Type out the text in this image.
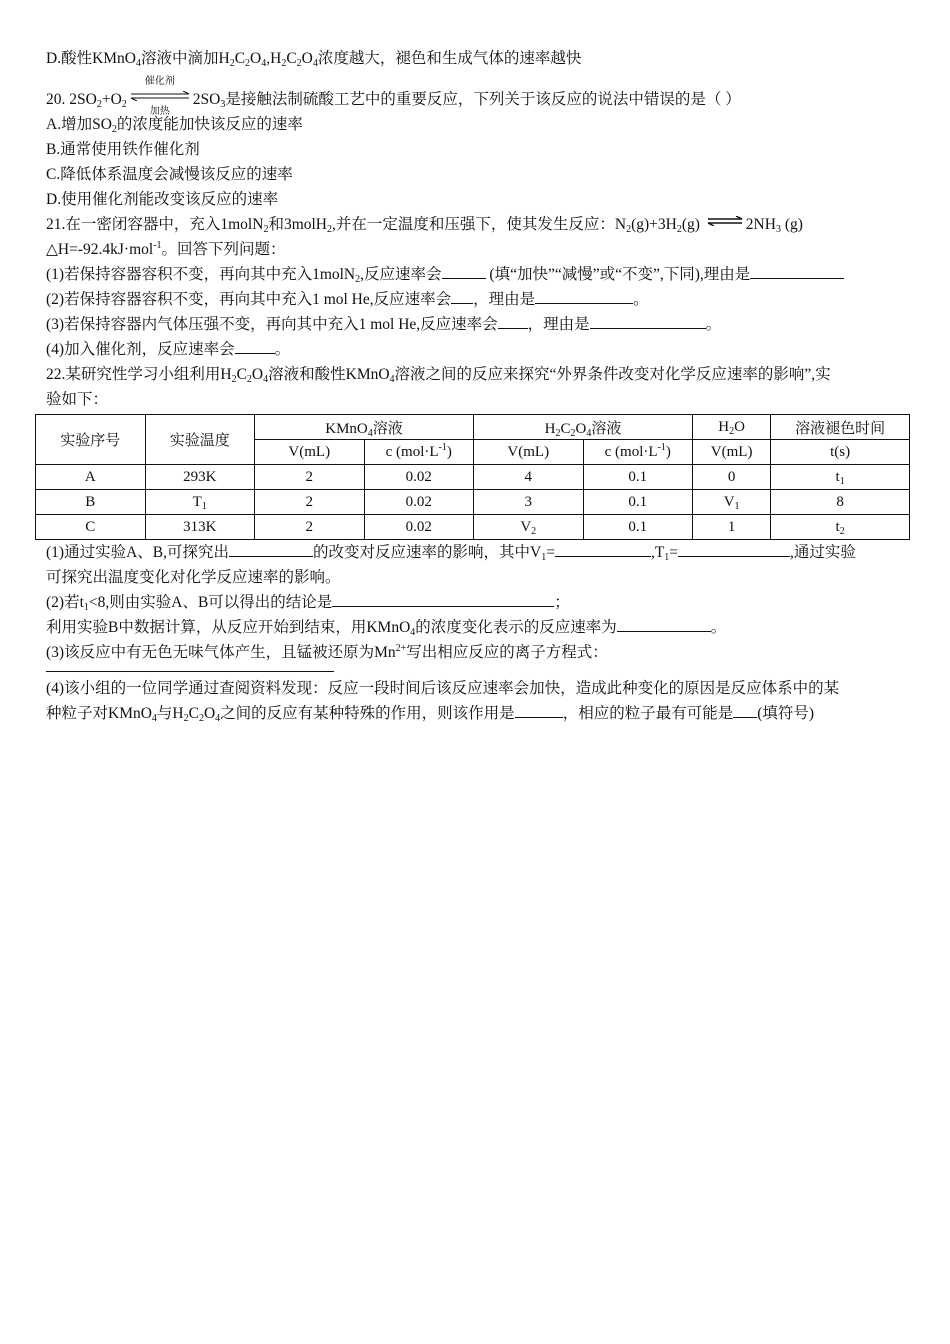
D.酸性KMnO$_4$溶液中滴加$H_2C_2O_4,H_2C_2O_4$浓度越大，褪色和生成气体的速率越快
20. $2SO_2+O_2$
催化剂
加热
$2SO_3$是接触法制硫酸工艺中的重要反应，下列关于该反应的说法中错误的是（ ）
A.增加$SO_2$的浓度能加快该反应的速率
B.通常使用铁作催化剂
C.降低体系温度会减慢该反应的速率
D.使用催化剂能改变该反应的速率
21.在一密闭容器中，充入1molN$_2$和3molH$_2$,并在一定温度和压强下，使其发生反应：$N_2(g)+3H_2(g)$ ⇌ $2NH_3$ (g)
△H=-92.4kJ·mol$^{-1}$。回答下列问题：
(1)若保持容器容积不变，再向其中充入1molN$_2$,反应速率会	(填“加快”“减慢”或“不变”,下同),理由是
(2)若保持容器容积不变，再向其中充入1 mol He,反应速率会 ，理由是	。
(3)若保持容器内气体压强不变，再向其中充入1 mol He,反应速率会 ，理由是	。
(4)加入催化剂，反应速率会	。
22.某研究性学习小组利用$H_2C_2O_4$溶液和酸性KMnO$_4$溶液之间的反应来探究“外界条件改变对化学反应速率的影响”,实
验如下：
实验序号	实验温度	KMnO$_4$溶液		$H_2C_2O_4$溶液		$H_2O$	溶液褪色时间
		V(mL)	c $(mol\cdot L^{-1})$	V(mL)	c $(mol\cdot L^{-1})$	V(mL)	t(s)
A	293K	2	0.02	4	0.1	0	$t_1$
B	$T_1$	2	0.02	3	0.1	$V_1$	8
C	313K	2	0.02	$V_2$	0.1	1	$t_2$
(1)通过实验A、B,可探究出	的改变对反应速率的影响，其中$V_1=$	$,T_1=$	,通过实验
可探究出温度变化对化学反应速率的影响。
(2)若$t_1<8$,则由实验A、B可以得出的结论是	；
利用实验B中数据计算，从反应开始到结束，用KMnO$_4$的浓度变化表示的反应速率为	。
(3)该反应中有无色无味气体产生，且锰被还原为$Mn^{2+}$写出相应反应的离子方程式：
(4)该小组的一位同学通过查阅资料发现：反应一段时间后该反应速率会加快，造成此种变化的原因是反应体系中的某
种粒子对KMnO$_4$与$H_2C_2O_4$之间的反应有某种特殊的作用，则该作用是	，相应的粒子最有可能是 (填符号)
